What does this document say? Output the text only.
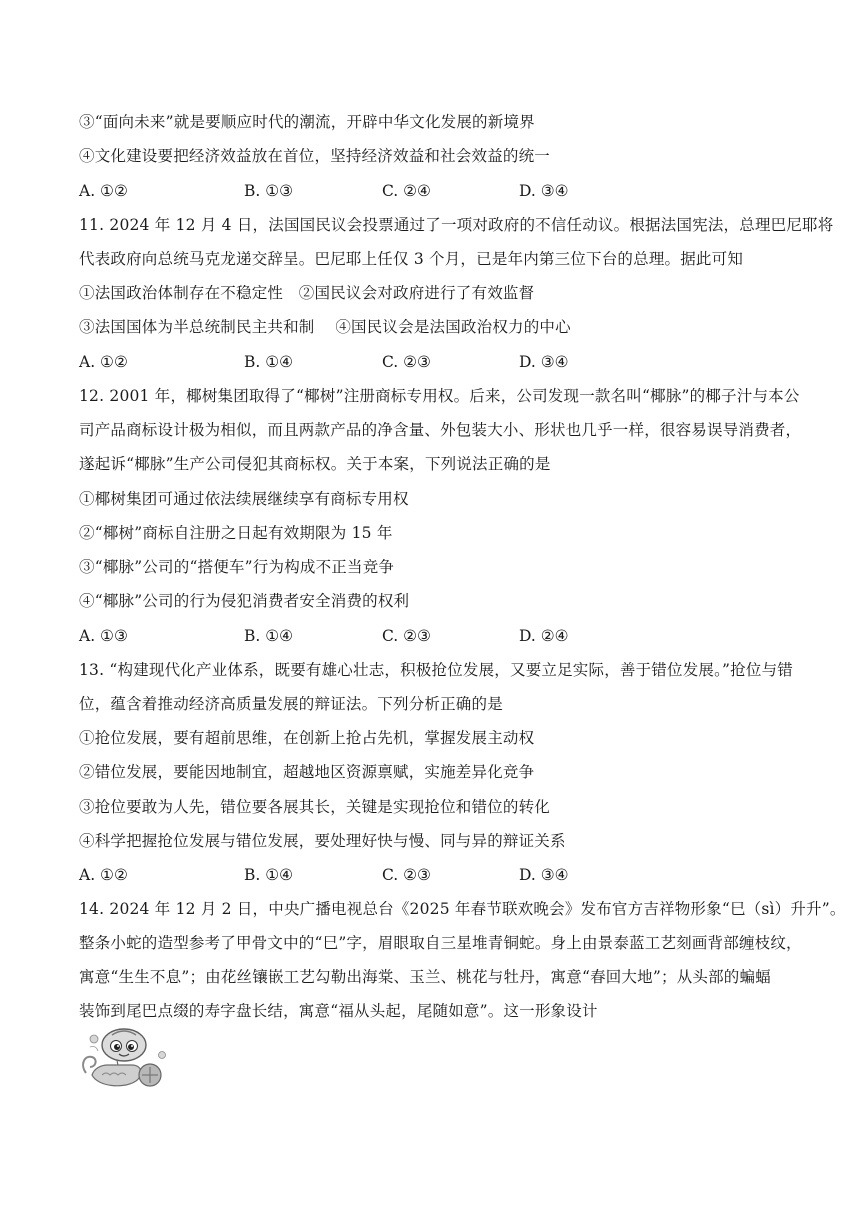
③“面向未来”就是要顺应时代的潮流，开辟中华文化发展的新境界
④文化建设要把经济效益放在首位，坚持经济效益和社会效益的统一
A. ①②	B. ①③	C. ②④	D. ③④
11. 2024 年 12 月 4 日，法国国民议会投票通过了一项对政府的不信任动议。根据法国宪法，总理巴尼耶将
代表政府向总统马克龙递交辞呈。巴尼耶上任仅 3 个月，已是年内第三位下台的总理。据此可知
①法国政治体制存在不稳定性　②国民议会对政府进行了有效监督
③法国国体为半总统制民主共和制　 ④国民议会是法国政治权力的中心
A. ①②	B. ①④	C. ②③	D. ③④
12. 2001 年，椰树集团取得了“椰树”注册商标专用权。后来，公司发现一款名叫“椰脉”的椰子汁与本公
司产品商标设计极为相似，而且两款产品的净含量、外包装大小、形状也几乎一样，很容易误导消费者，
遂起诉“椰脉”生产公司侵犯其商标权。关于本案，下列说法正确的是
①椰树集团可通过依法续展继续享有商标专用权
②“椰树”商标自注册之日起有效期限为 15 年
③“椰脉”公司的“搭便车”行为构成不正当竞争
④“椰脉”公司的行为侵犯消费者安全消费的权利
A. ①③	B. ①④	C. ②③	D. ②④
13. “构建现代化产业体系，既要有雄心壮志，积极抢位发展，又要立足实际，善于错位发展。”抢位与错
位，蕴含着推动经济高质量发展的辩证法。下列分析正确的是
①抢位发展，要有超前思维，在创新上抢占先机，掌握发展主动权
②错位发展，要能因地制宜，超越地区资源禀赋，实施差异化竞争
③抢位要敢为人先，错位要各展其长，关键是实现抢位和错位的转化
④科学把握抢位发展与错位发展，要处理好快与慢、同与异的辩证关系
A. ①②	B. ①④	C. ②③	D. ③④
14. 2024 年 12 月 2 日，中央广播电视总台《2025 年春节联欢晚会》发布官方吉祥物形象“巳（sì）升升”。
整条小蛇的造型参考了甲骨文中的“巳”字，眉眼取自三星堆青铜蛇。身上由景泰蓝工艺刻画背部缠枝纹，
寓意“生生不息”；由花丝镶嵌工艺勾勒出海棠、玉兰、桃花与牡丹，寓意“春回大地”；从头部的蝙蝠
装饰到尾巴点缀的寿字盘长结，寓意“福从头起，尾随如意”。这一形象设计
